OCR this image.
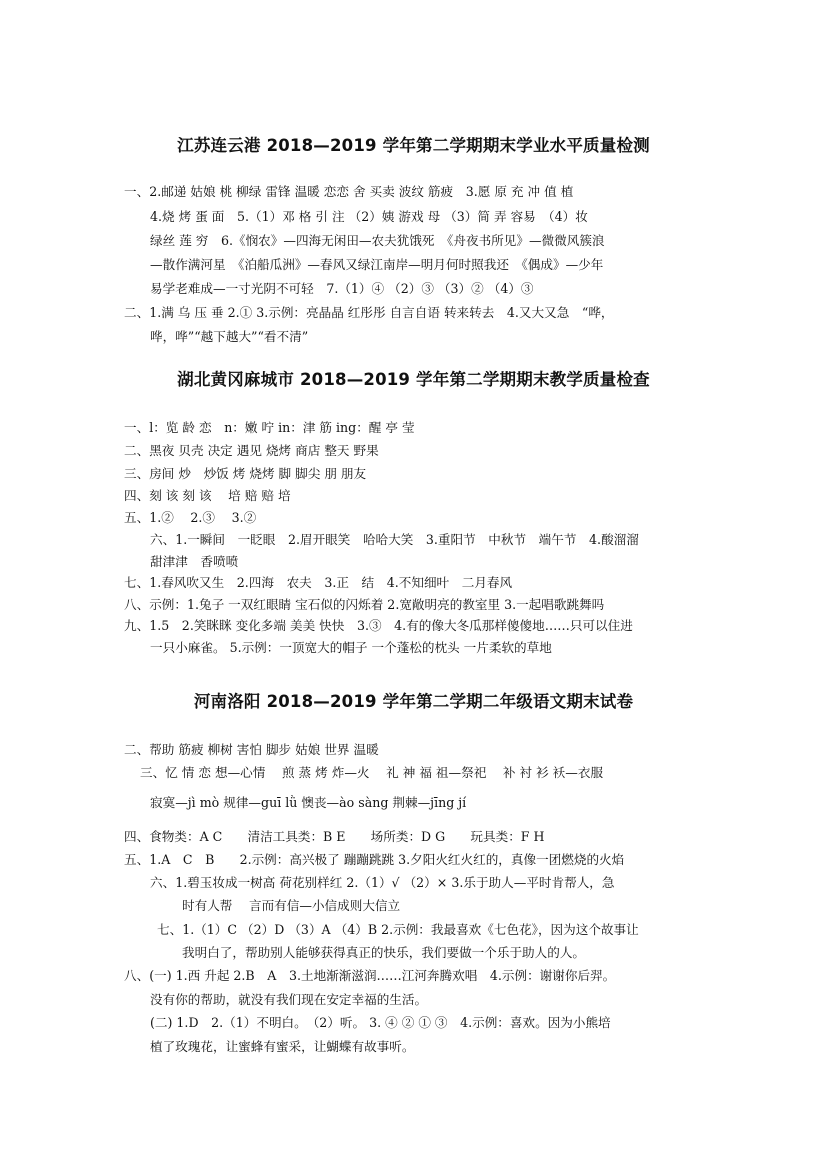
江苏连云港 2018—2019 学年第二学期期末学业水平质量检测
一、2.邮递 姑娘 桃 柳绿 雷锋 温暖 恋恋 舍 买卖 波纹 筋疲　3.愿 原 充 冲 值 植
4.烧 烤 蛋 面　5.（1）邓 格 引 注 （2）姨 游戏 母 （3）简 弄 容易　（4）妆
绿丝 莲 穷　6.《悯农》—四海无闲田—农夫犹饿死　《舟夜书所见》—微微风簇浪
—散作满河星　《泊船瓜洲》—春风又绿江南岸—明月何时照我还　《偶成》—少年
易学老难成—一寸光阴不可轻　7.（1）④ （2）③ （3）② （4）③
二、1.满 乌 压 垂 2.① 3.示例：亮晶晶 红彤彤 自言自语 转来转去　4.又大又急　“哗，
哗，哗”“越下越大”“看不清”
湖北黄冈麻城市 2018—2019 学年第二学期期末教学质量检查
一、l：览 龄 恋　n：嫩 咛 in：津 筋 ing：醒 亭 莹
二、黑夜 贝壳 决定 遇见 烧烤 商店 整天 野果
三、房间 炒　炒饭 烤 烧烤 脚 脚尖 朋 朋友
四、刻 该 刻 该　 培 赔 赔 培
五、1.②　 2.③　 3.②
六、1.一瞬间　一眨眼　2.眉开眼笑　哈哈大笑　3.重阳节　中秋节　端午节　4.酸溜溜
甜津津　香喷喷
七、1.春风吹又生　2.四海　农夫　3.正　结　4.不知细叶　二月春风
八、示例：1.兔子 一双红眼睛 宝石似的闪烁着 2.宽敞明亮的教室里 3.一起唱歌跳舞吗
九、1.5　2.笑眯眯 变化多端 美美 快快　3.③　4.有的像大冬瓜那样傻傻地……只可以住进
一只小麻雀。 5.示例：一顶宽大的帽子 一个蓬松的枕头 一片柔软的草地
河南洛阳 2018—2019 学年第二学期二年级语文期末试卷
二、帮助 筋疲 柳树 害怕 脚步 姑娘 世界 温暖
三、忆 情 恋 想—心情　 煎 蒸 烤 炸—火　 礼 神 福 祖—祭祀　 补 衬 衫 袄—衣服
寂寞—jì mò 规律—guī lǜ 懊丧—ào sàng 荆棘—jīng jí
四、食物类：A C　　清洁工具类：B E　　场所类：D G　　玩具类：F H
五、1.A　C　B　　2.示例：高兴极了 蹦蹦跳跳 3.夕阳火红火红的，真像一团燃烧的火焰
六、1.碧玉妆成一树高 荷花别样红 2.（1）√ （2）× 3.乐于助人—平时肯帮人，急
时有人帮　 言而有信—小信成则大信立
七、1.（1）C （2）D （3）A （4）B 2.示例：我最喜欢《七色花》，因为这个故事让
我明白了，帮助别人能够获得真正的快乐，我们要做一个乐于助人的人。
八、(一) 1.西 升起 2.B　A　3.土地渐渐滋润……江河奔腾欢唱　4.示例：谢谢你后羿。
没有你的帮助，就没有我们现在安定幸福的生活。
(二) 1.D　2.（1）不明白。　（2）听。 3. ④ ② ① ③　4.示例：喜欢。因为小熊培
植了玫瑰花，让蜜蜂有蜜采，让蝴蝶有故事听。
